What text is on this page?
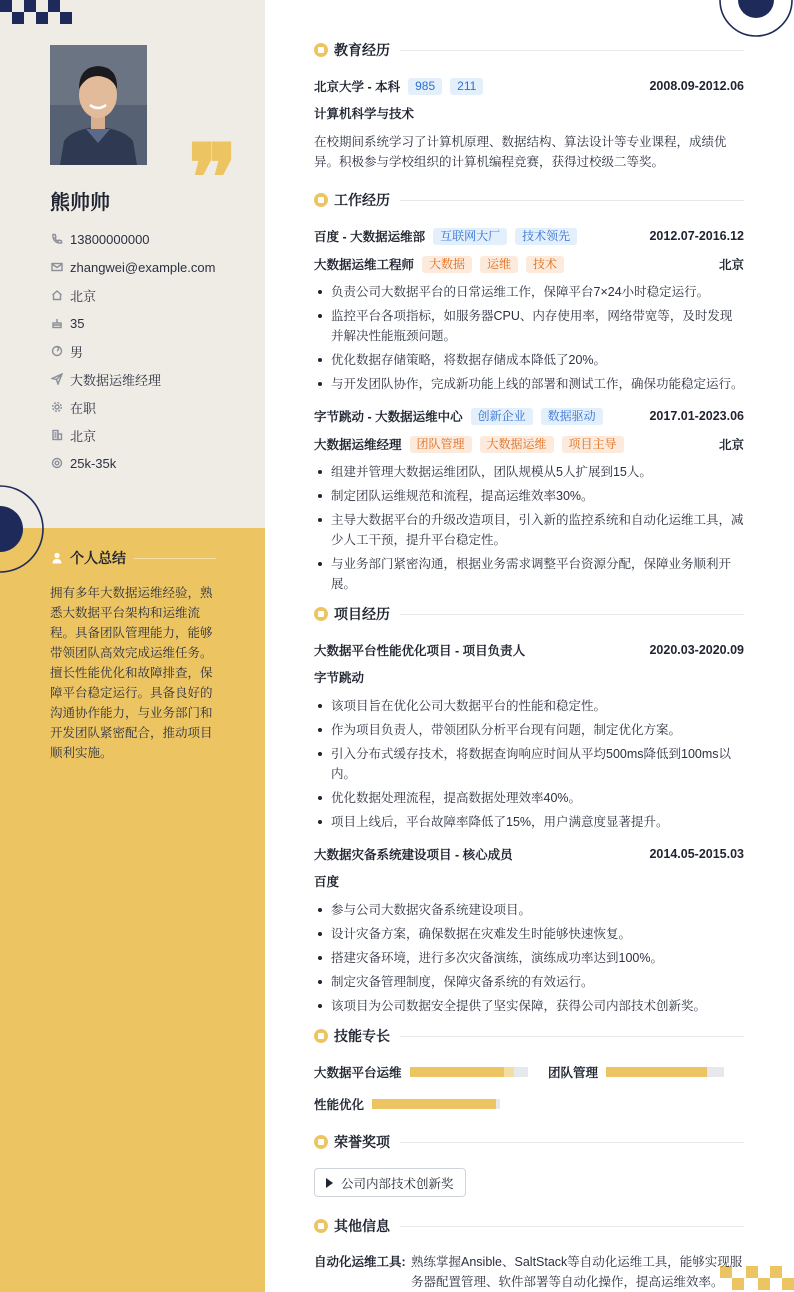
❞
熊帅帅
13800000000
zhangwei@example.com
北京
35
男
大数据运维经理
在职
北京
25k-35k
个人总结
拥有多年大数据运维经验，熟悉大数据平台架构和运维流程。具备团队管理能力，能够带领团队高效完成运维任务。擅长性能优化和故障排查，保障平台稳定运行。具备良好的沟通协作能力，与业务部门和开发团队紧密配合，推动项目顺利实施。
教育经历
北京大学 - 本科	985	211	2008.09-2012.06
计算机科学与技术
在校期间系统学习了计算机原理、数据结构、算法设计等专业课程，成绩优异。积极参与学校组织的计算机编程竞赛，获得过校级二等奖。
工作经历
百度 - 大数据运维部	互联网大厂	技术领先	2012.07-2016.12
大数据运维工程师	大数据	运维	技术	北京
负责公司大数据平台的日常运维工作，保障平台7×24小时稳定运行。
监控平台各项指标，如服务器CPU、内存使用率，网络带宽等，及时发现并解决性能瓶颈问题。
优化数据存储策略，将数据存储成本降低了20%。
与开发团队协作，完成新功能上线的部署和测试工作，确保功能稳定运行。
字节跳动 - 大数据运维中心	创新企业	数据驱动	2017.01-2023.06
大数据运维经理	团队管理	大数据运维	项目主导	北京
组建并管理大数据运维团队，团队规模从5人扩展到15人。
制定团队运维规范和流程，提高运维效率30%。
主导大数据平台的升级改造项目，引入新的监控系统和自动化运维工具，减少人工干预，提升平台稳定性。
与业务部门紧密沟通，根据业务需求调整平台资源分配，保障业务顺利开展。
项目经历
大数据平台性能优化项目 - 项目负责人	2020.03-2020.09
字节跳动
该项目旨在优化公司大数据平台的性能和稳定性。
作为项目负责人，带领团队分析平台现有问题，制定优化方案。
引入分布式缓存技术，将数据查询响应时间从平均500ms降低到100ms以内。
优化数据处理流程，提高数据处理效率40%。
项目上线后，平台故障率降低了15%，用户满意度显著提升。
大数据灾备系统建设项目 - 核心成员	2014.05-2015.03
百度
参与公司大数据灾备系统建设项目。
设计灾备方案，确保数据在灾难发生时能够快速恢复。
搭建灾备环境，进行多次灾备演练，演练成功率达到100%。
制定灾备管理制度，保障灾备系统的有效运行。
该项目为公司数据安全提供了坚实保障，获得公司内部技术创新奖。
技能专长
大数据平台运维
	团队管理
性能优化
荣誉奖项
公司内部技术创新奖
其他信息
自动化运维工具: 熟练掌握Ansible、SaltStack等自动化运维工具，能够实现服务器配置管理、软件部署等自动化操作，提高运维效率。
